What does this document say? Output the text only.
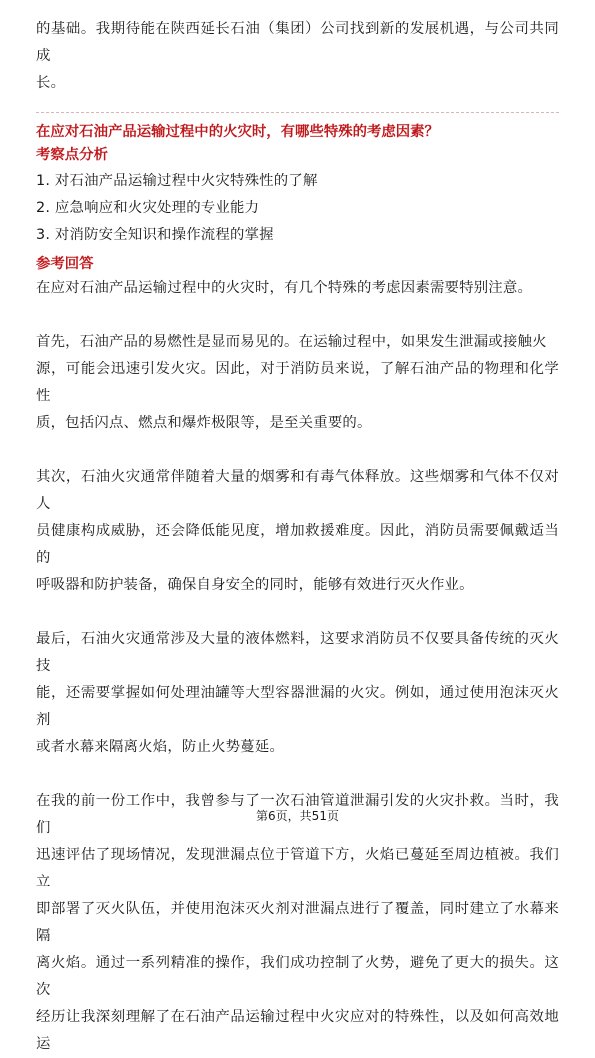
的基础。我期待能在陕西延长石油（集团）公司找到新的发展机遇，与公司共同成

长。

在应对石油产品运输过程中的火灾时，有哪些特殊的考虑因素？

考察点分析

1. 对石油产品运输过程中火灾特殊性的了解
2. 应急响应和火灾处理的专业能力
3. 对消防安全知识和操作流程的掌握

参考回答

在应对石油产品运输过程中的火灾时，有几个特殊的考虑因素需要特别注意。

首先，石油产品的易燃性是显而易见的。在运输过程中，如果发生泄漏或接触火

源，可能会迅速引发火灾。因此，对于消防员来说，了解石油产品的物理和化学性

质，包括闪点、燃点和爆炸极限等，是至关重要的。

其次，石油火灾通常伴随着大量的烟雾和有毒气体释放。这些烟雾和气体不仅对人

员健康构成威胁，还会降低能见度，增加救援难度。因此，消防员需要佩戴适当的

呼吸器和防护装备，确保自身安全的同时，能够有效进行灭火作业。

最后，石油火灾通常涉及大量的液体燃料，这要求消防员不仅要具备传统的灭火技

能，还需要掌握如何处理油罐等大型容器泄漏的火灾。例如，通过使用泡沫灭火剂

或者水幕来隔离火焰，防止火势蔓延。

在我的前一份工作中，我曾参与了一次石油管道泄漏引发的火灾扑救。当时，我们

迅速评估了现场情况，发现泄漏点位于管道下方，火焰已蔓延至周边植被。我们立

即部署了灭火队伍，并使用泡沫灭火剂对泄漏点进行了覆盖，同时建立了水幕来隔

离火焰。通过一系列精准的操作，我们成功控制了火势，避免了更大的损失。这次

经历让我深刻理解了在石油产品运输过程中火灾应对的特殊性，以及如何高效地运

第6页，共51页
